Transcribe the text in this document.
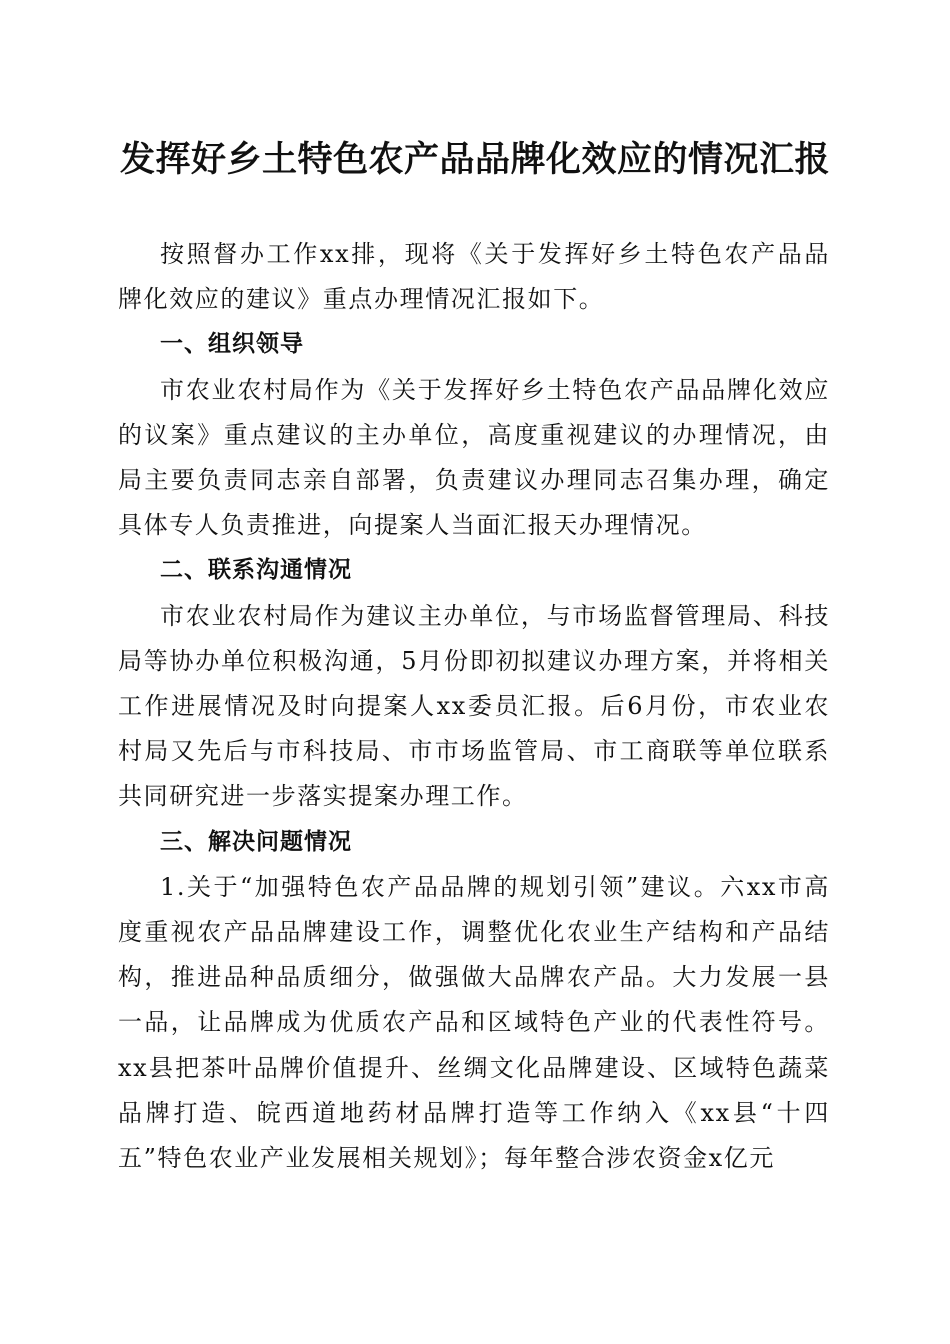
发挥好乡土特色农产品品牌化效应的情况汇报

按照督办工作xx排，现将《关于发挥好乡土特色农产品品牌化效应的建议》重点办理情况汇报如下。

一、组织领导

市农业农村局作为《关于发挥好乡土特色农产品品牌化效应的议案》重点建议的主办单位，高度重视建议的办理情况，由局主要负责同志亲自部署，负责建议办理同志召集办理，确定具体专人负责推进，向提案人当面汇报天办理情况。

二、联系沟通情况

市农业农村局作为建议主办单位，与市场监督管理局、科技局等协办单位积极沟通，5月份即初拟建议办理方案，并将相关工作进展情况及时向提案人xx委员汇报。后6月份，市农业农村局又先后与市科技局、市市场监管局、市工商联等单位联系共同研究进一步落实提案办理工作。

三、解决问题情况

1.关于“加强特色农产品品牌的规划引领”建议。六xx市高度重视农产品品牌建设工作，调整优化农业生产结构和产品结构，推进品种品质细分，做强做大品牌农产品。大力发展一县一品，让品牌成为优质农产品和区域特色产业的代表性符号。xx县把茶叶品牌价值提升、丝绸文化品牌建设、区域特色蔬菜品牌打造、皖西道地药材品牌打造等工作纳入《xx县“十四五”特色农业产业发展相关规划》；每年整合涉农资金x亿元
